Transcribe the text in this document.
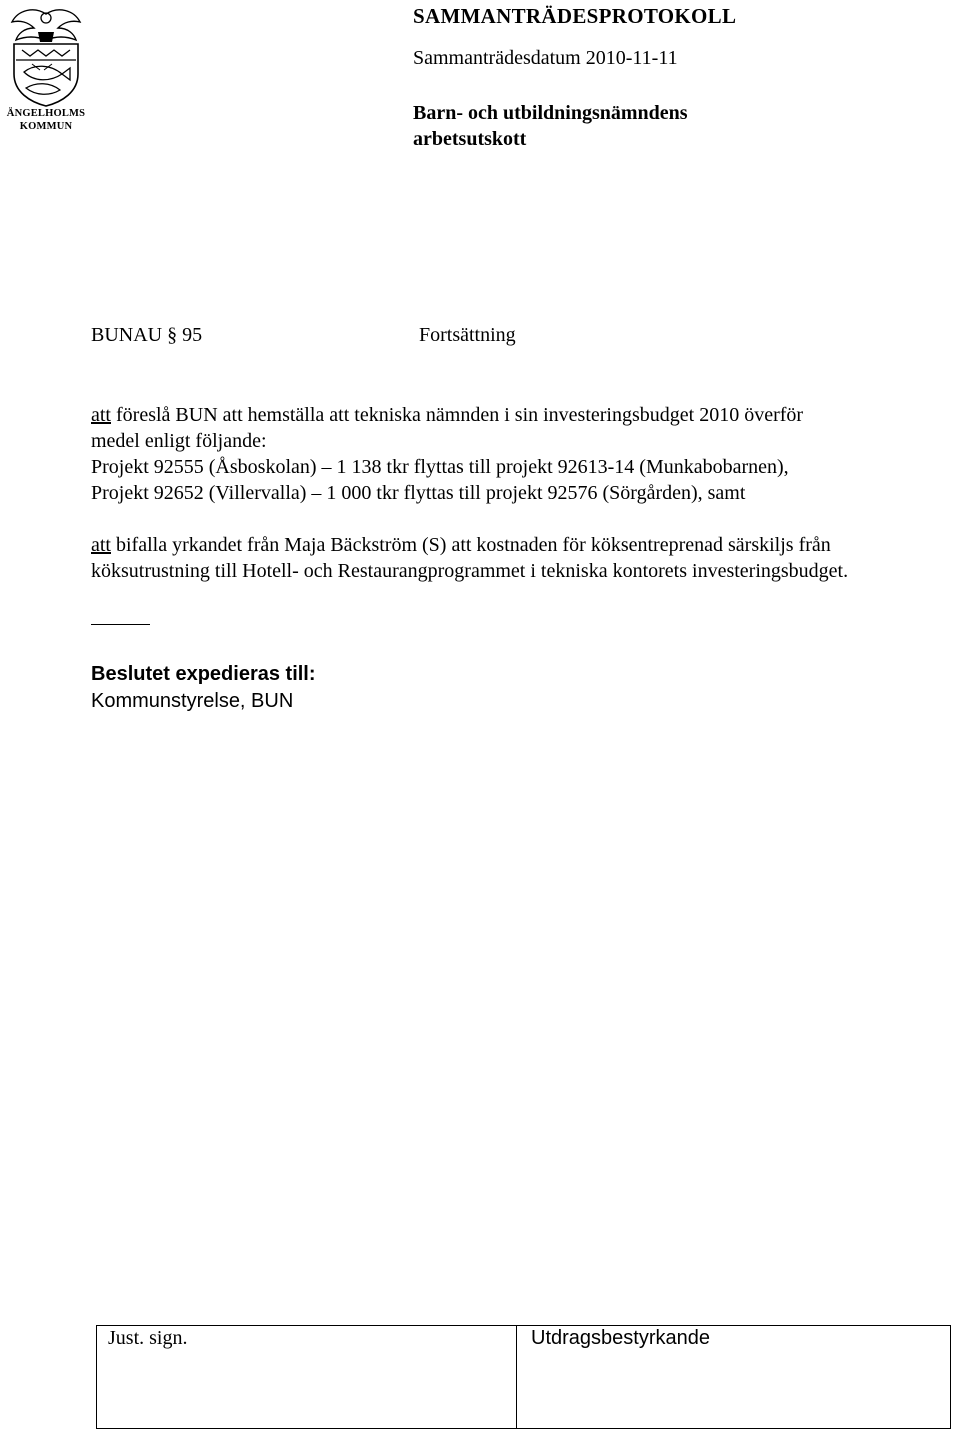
ÄNGELHOLMS
KOMMUN
SAMMANTRÄDESPROTOKOLL
Sammanträdesdatum 2010-11-11
Barn- och utbildningsnämndens
arbetsutskott
BUNAU § 95	Fortsättning
att föreslå BUN att hemställa att tekniska nämnden i sin investeringsbudget 2010 överför
medel enligt följande:
Projekt 92555 (Åsboskolan) – 1 138 tkr flyttas till projekt 92613-14 (Munkabobarnen),
Projekt 92652 (Villervalla) – 1 000 tkr flyttas till projekt 92576 (Sörgården), samt
att bifalla yrkandet från Maja Bäckström (S) att kostnaden för köksentreprenad särskiljs från
köksutrustning till Hotell- och Restaurangprogrammet i tekniska kontorets investeringsbudget.
Beslutet expedieras till:
Kommunstyrelse, BUN
Just. sign.	Utdragsbestyrkande
